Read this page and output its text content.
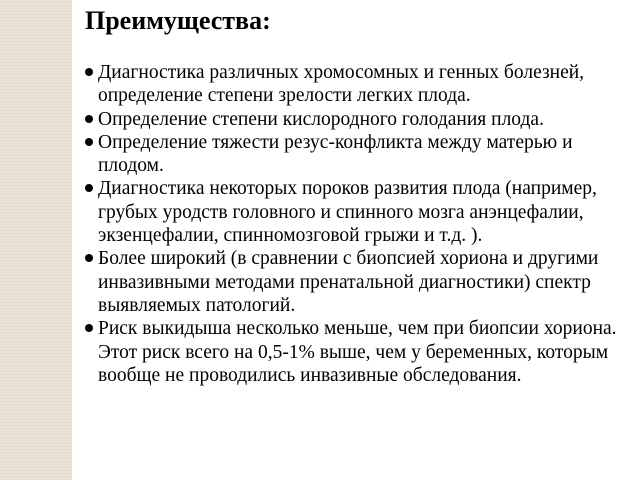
Преимущества:
Диагностика различных хромосомных и генных болезней, определение степени зрелости легких плода.
Определение степени кислородного голодания плода.
Определение тяжести резус-конфликта между матерью и плодом.
Диагностика некоторых пороков развития плода (например, грубых уродств головного и спинного мозга анэнцефалии, экзенцефалии, спинномозговой грыжи и т.д. ).
Более широкий (в сравнении с биопсией хориона и другими инвазивными методами пренатальной диагностики) спектр выявляемых патологий.
Риск выкидыша несколько меньше, чем при биопсии хориона. Этот риск всего на 0,5-1% выше, чем у беременных, которым вообще не проводились инвазивные обследования.
